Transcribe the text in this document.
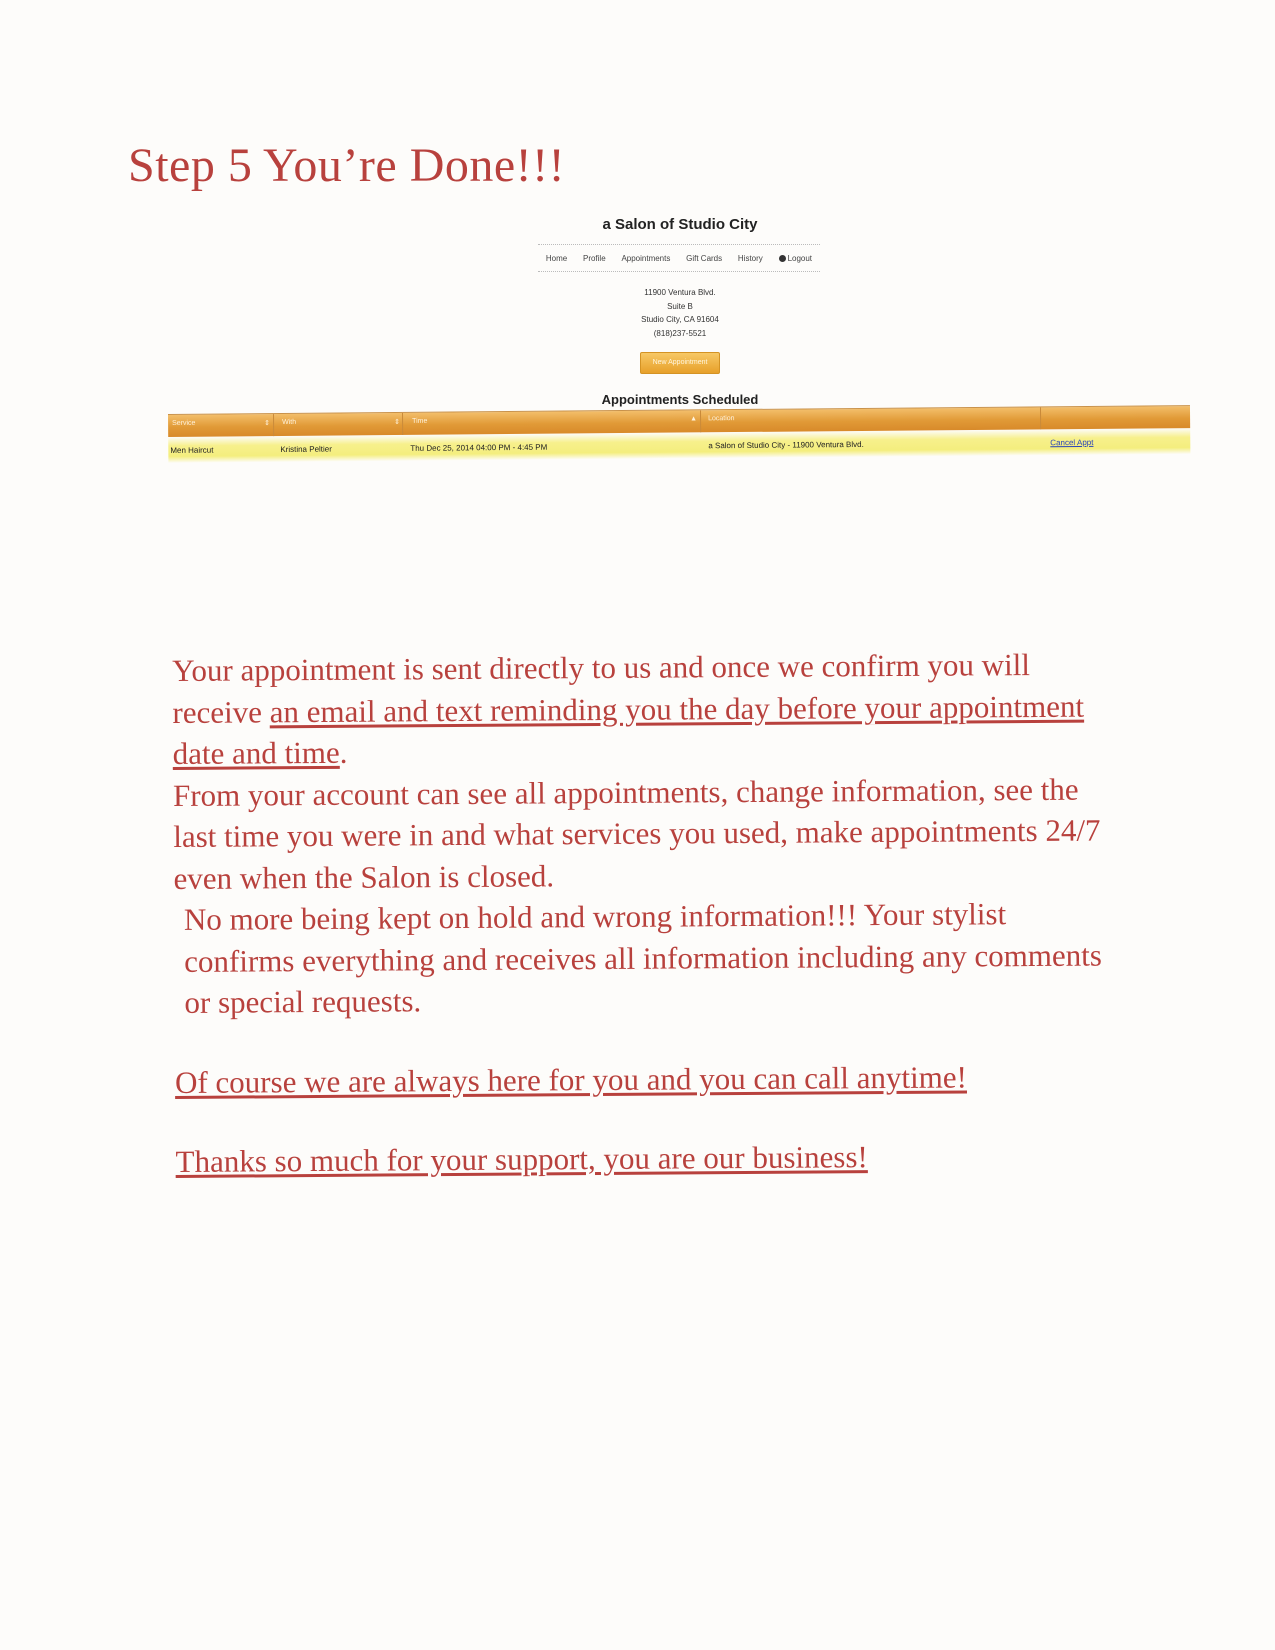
Step 5 You’re Done!!!
a Salon of Studio City
Home Profile Appointments Gift Cards History	Logout
11900 Ventura Blvd.
Suite B
Studio City, CA 91604
(818)237-5521
New Appointment
Appointments Scheduled
Service	⇕ With	⇕ Time	▲ Location
Men Haircut	Kristina Peltier	Thu Dec 25, 2014 04:00 PM - 4:45 PM	a Salon of Studio City - 11900 Ventura Blvd.	Cancel Appt

Your appointment is sent directly to us and once we confirm you will receive an email and text reminding you the day before your appointment date and time.

From your account can see all appointments, change information, see the last time you were in and what services you used, make appointments 24/7 even when the Salon is closed.

No more being kept on hold and wrong information!!! Your stylist confirms everything and receives all information including any comments or special requests.

Of course we are always here for you and you can call anytime!

Thanks so much for your support, you are our business!
